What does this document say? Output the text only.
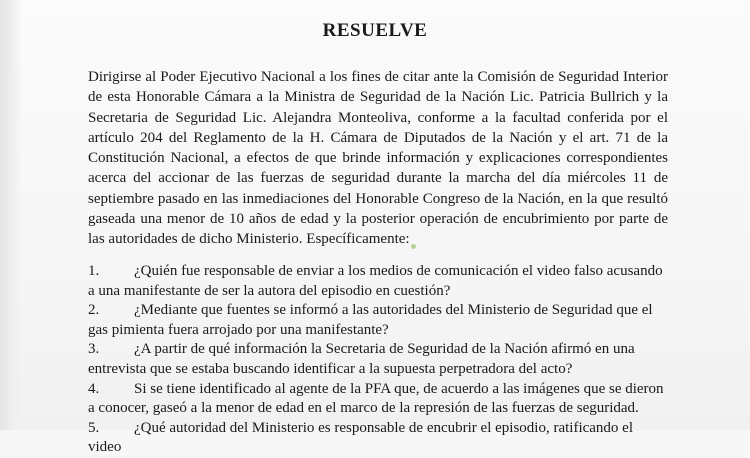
RESUELVE

Dirigirse al Poder Ejecutivo Nacional a los fines de citar ante la Comisión de Seguridad Interior de esta Honorable Cámara a la Ministra de Seguridad de la Nación Lic. Patricia Bullrich y la Secretaria de Seguridad Lic. Alejandra Monteoliva, conforme a la facultad conferida por el artículo 204 del Reglamento de la H. Cámara de Diputados de la Nación y el art. 71 de la Constitución Nacional, a efectos de que brinde información y explicaciones correspondientes acerca del accionar de las fuerzas de seguridad durante la marcha del día miércoles 11 de septiembre pasado en las inmediaciones del Honorable Congreso de la Nación, en la que resultó gaseada una menor de 10 años de edad y la posterior operación de encubrimiento por parte de las autoridades de dicho Ministerio. Específicamente:

1. ¿Quién fue responsable de enviar a los medios de comunicación el video falso acusando a una manifestante de ser la autora del episodio en cuestión?
2. ¿Mediante que fuentes se informó a las autoridades del Ministerio de Seguridad que el gas pimienta fuera arrojado por una manifestante?
3. ¿A partir de qué información la Secretaria de Seguridad de la Nación afirmó en una entrevista que se estaba buscando identificar a la supuesta perpetradora del acto?
4. Si se tiene identificado al agente de la PFA que, de acuerdo a las imágenes que se dieron a conocer, gaseó a la menor de edad en el marco de la represión de las fuerzas de seguridad.
5. ¿Qué autoridad del Ministerio es responsable de encubrir el episodio, ratificando el video
